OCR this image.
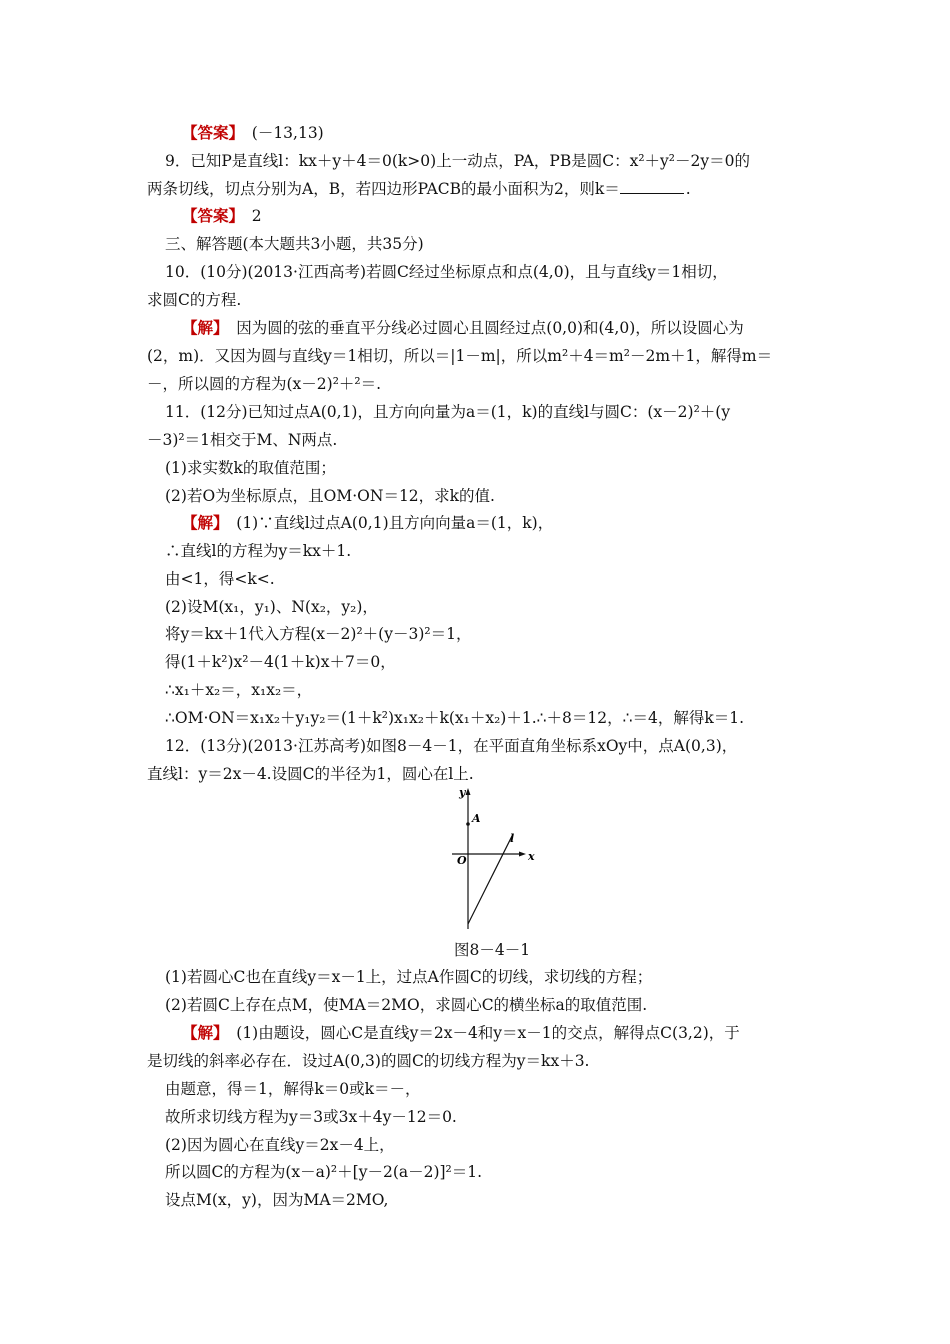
【答案】　(－13,13)
9．已知P是直线l：kx＋y＋4＝0(k>0)上一动点，PA，PB是圆C：x²＋y²－2y＝0的
两条切线，切点分别为A，B，若四边形PACB的最小面积为2，则k＝	.
【答案】　2
三、解答题(本大题共3小题，共35分)
10．(10分)(2013·江西高考)若圆C经过坐标原点和点(4,0)，且与直线y＝1相切，
求圆C的方程.
【解】　因为圆的弦的垂直平分线必过圆心且圆经过点(0,0)和(4,0)，所以设圆心为
(2，m)．又因为圆与直线y＝1相切，所以＝|1－m|，所以m²＋4＝m²－2m＋1，解得m＝
－，所以圆的方程为(x－2)²＋²＝.
11．(12分)已知过点A(0,1)，且方向向量为a＝(1，k)的直线l与圆C：(x－2)²＋(y
－3)²＝1相交于M、N两点.
(1)求实数k的取值范围；
(2)若O为坐标原点，且OM·ON＝12，求k的值.
【解】　(1)∵直线l过点A(0,1)且方向向量a＝(1，k)，
∴直线l的方程为y＝kx＋1.
由<1，得<k<.
(2)设M(x₁，y₁)、N(x₂，y₂)，
将y＝kx＋1代入方程(x－2)²＋(y－3)²＝1，
得(1＋k²)x²－4(1＋k)x＋7＝0，
∴x₁＋x₂＝，x₁x₂＝，
∴OM·ON＝x₁x₂＋y₁y₂＝(1＋k²)x₁x₂＋k(x₁＋x₂)＋1.∴＋8＝12，∴＝4，解得k＝1.
12．(13分)(2013·江苏高考)如图8－4－1，在平面直角坐标系xOy中，点A(0,3)，
直线l：y＝2x－4.设圆C的半径为1，圆心在l上.
y
x
O
A
l
图8－4－1
(1)若圆心C也在直线y＝x－1上，过点A作圆C的切线，求切线的方程；
(2)若圆C上存在点M，使MA＝2MO，求圆心C的横坐标a的取值范围.
【解】　(1)由题设，圆心C是直线y＝2x－4和y＝x－1的交点，解得点C(3,2)，于
是切线的斜率必存在．设过A(0,3)的圆C的切线方程为y＝kx＋3.
由题意，得＝1，解得k＝0或k＝－，
故所求切线方程为y＝3或3x＋4y－12＝0.
(2)因为圆心在直线y＝2x－4上，
所以圆C的方程为(x－a)²＋[y－2(a－2)]²＝1.
设点M(x，y)，因为MA＝2MO,
